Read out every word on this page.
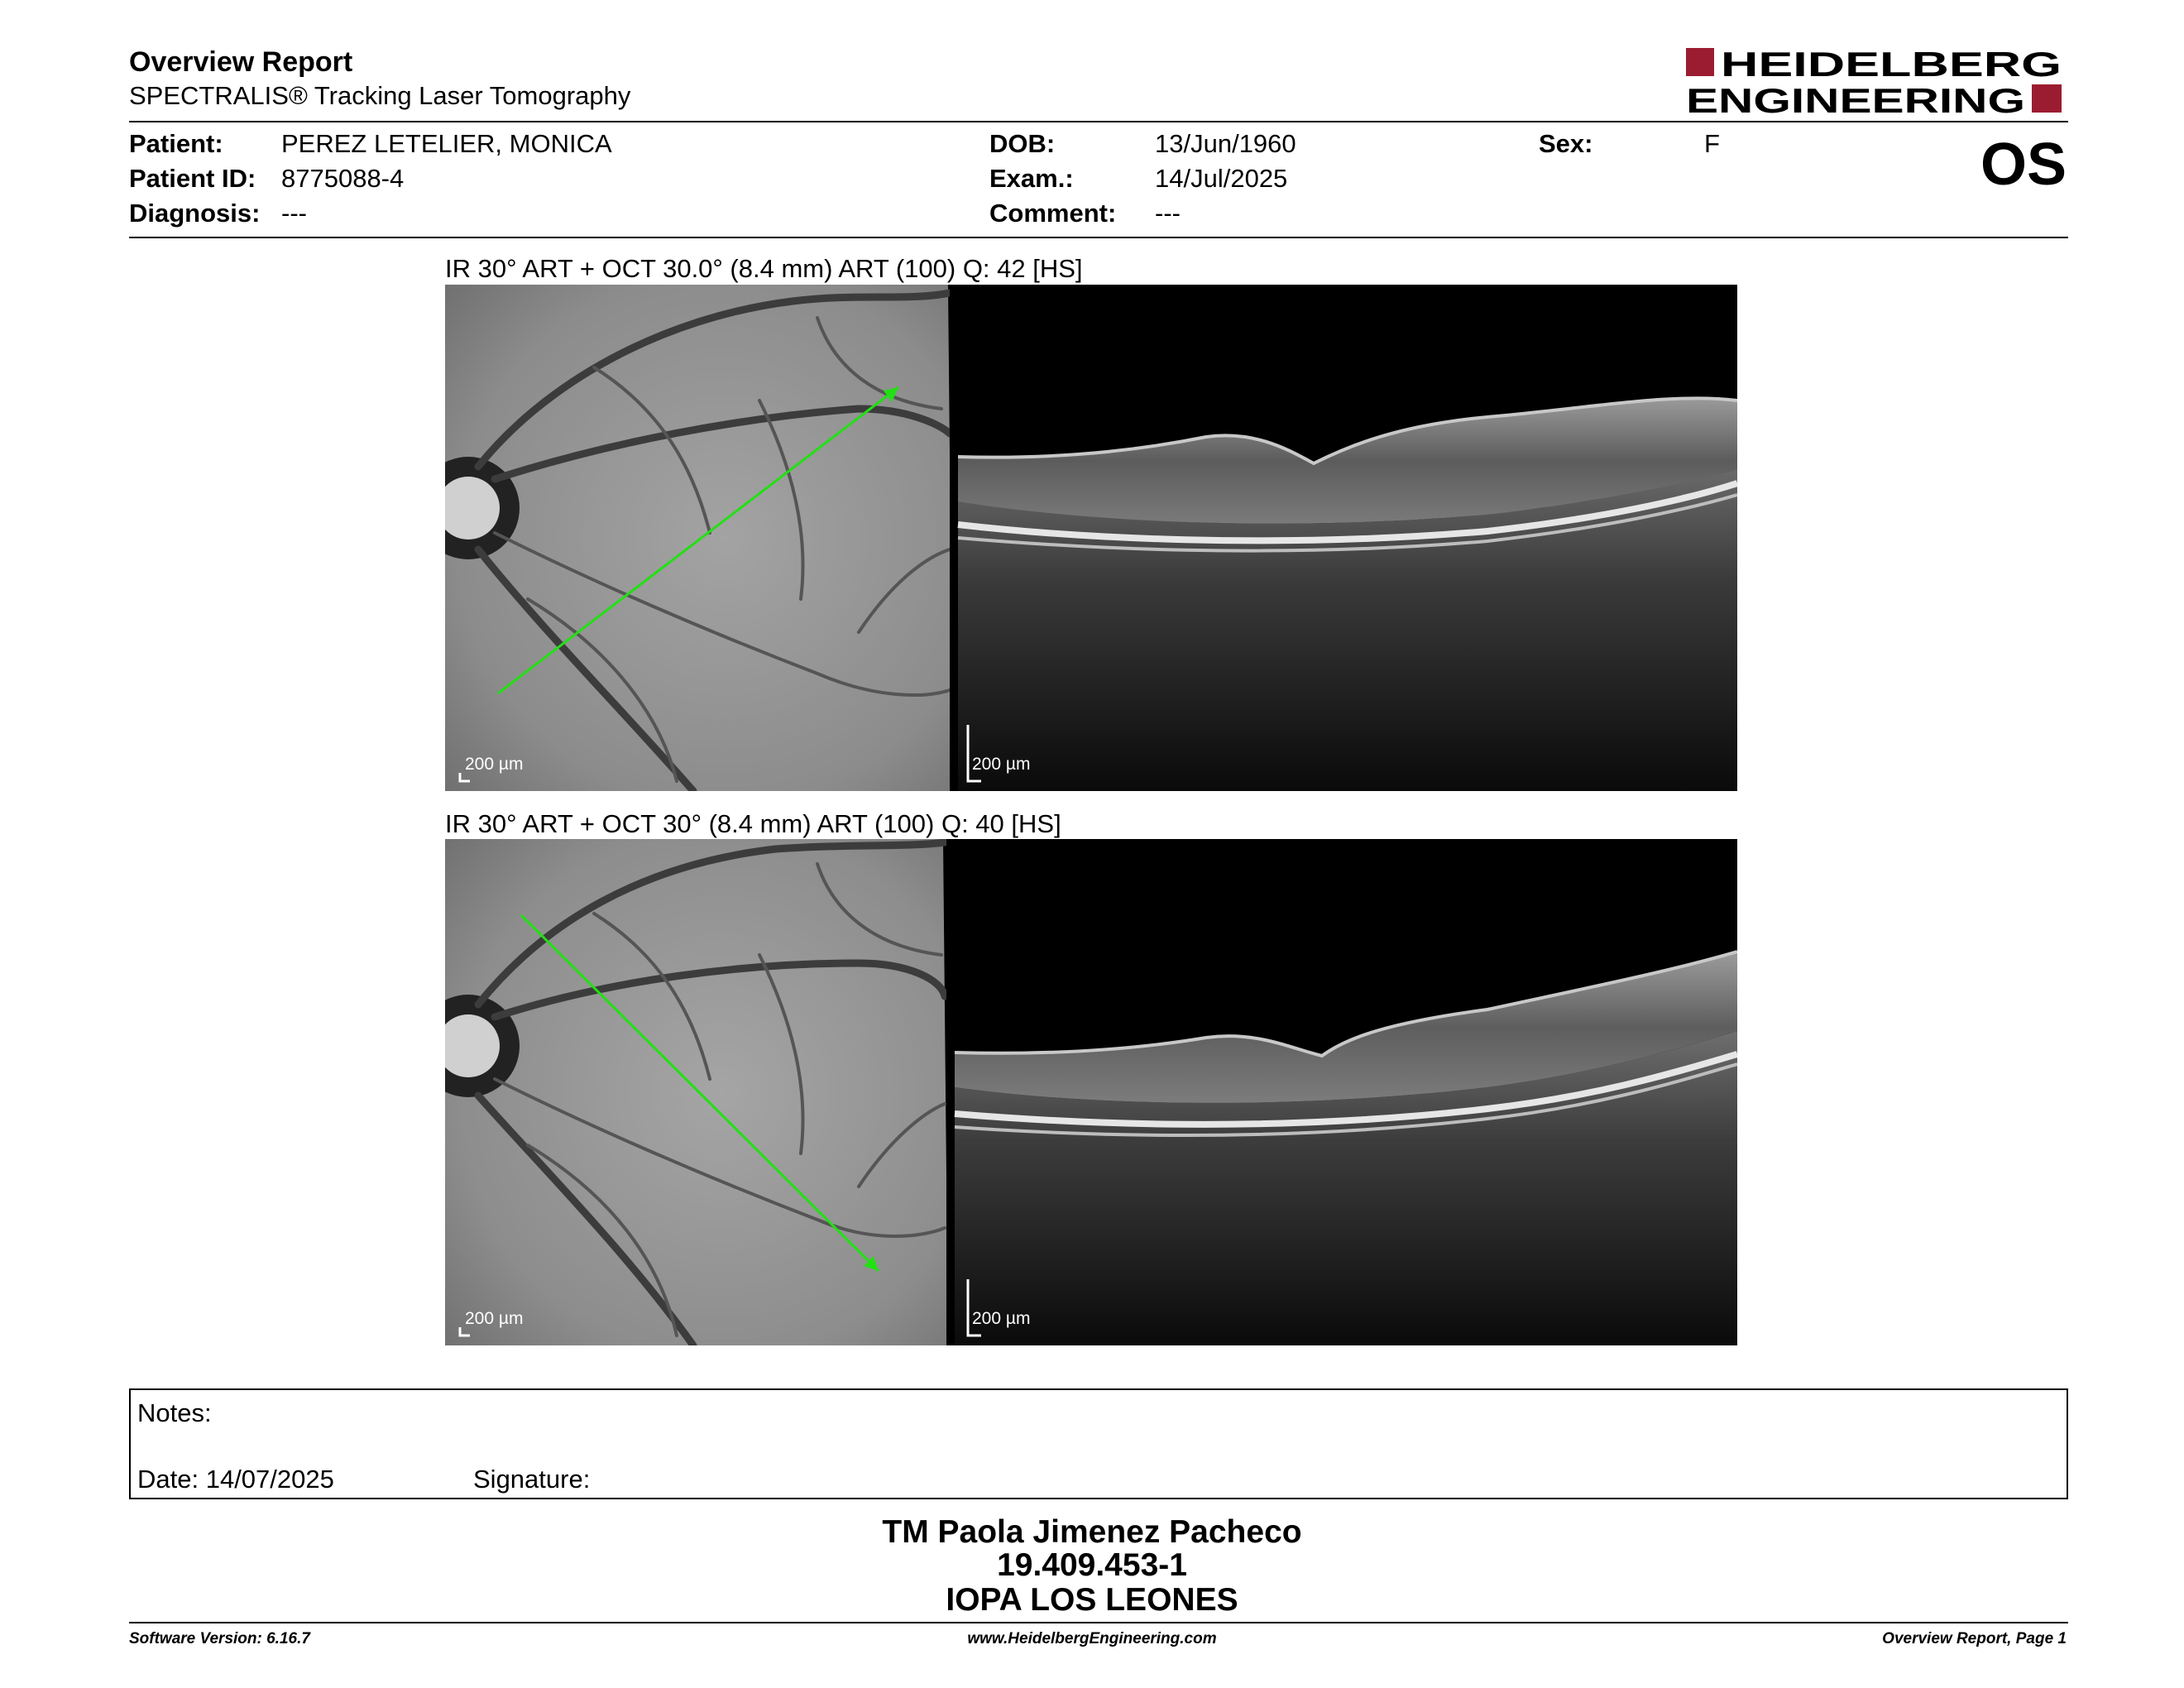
Overview Report
SPECTRALIS® Tracking Laser Tomography
HEIDELBERG
ENGINEERING
Patient: PEREZ LETELIER, MONICA
Patient ID: 8775088-4
Diagnosis: ---
DOB:	13/Jun/1960
Exam.:	14/Jul/2025
Comment: ---
Sex:	F	OS
IR 30° ART + OCT 30.0° (8.4 mm) ART (100) Q: 42 [HS]
200 µm	200 µm
IR 30° ART + OCT 30° (8.4 mm) ART (100) Q: 40 [HS]
200 µm	200 µm
Notes:
Date: 14/07/2025	Signature:
TM Paola Jimenez Pacheco
19.409.453-1
IOPA LOS LEONES
Software Version: 6.16.7	www.HeidelbergEngineering.com	Overview Report, Page 1
